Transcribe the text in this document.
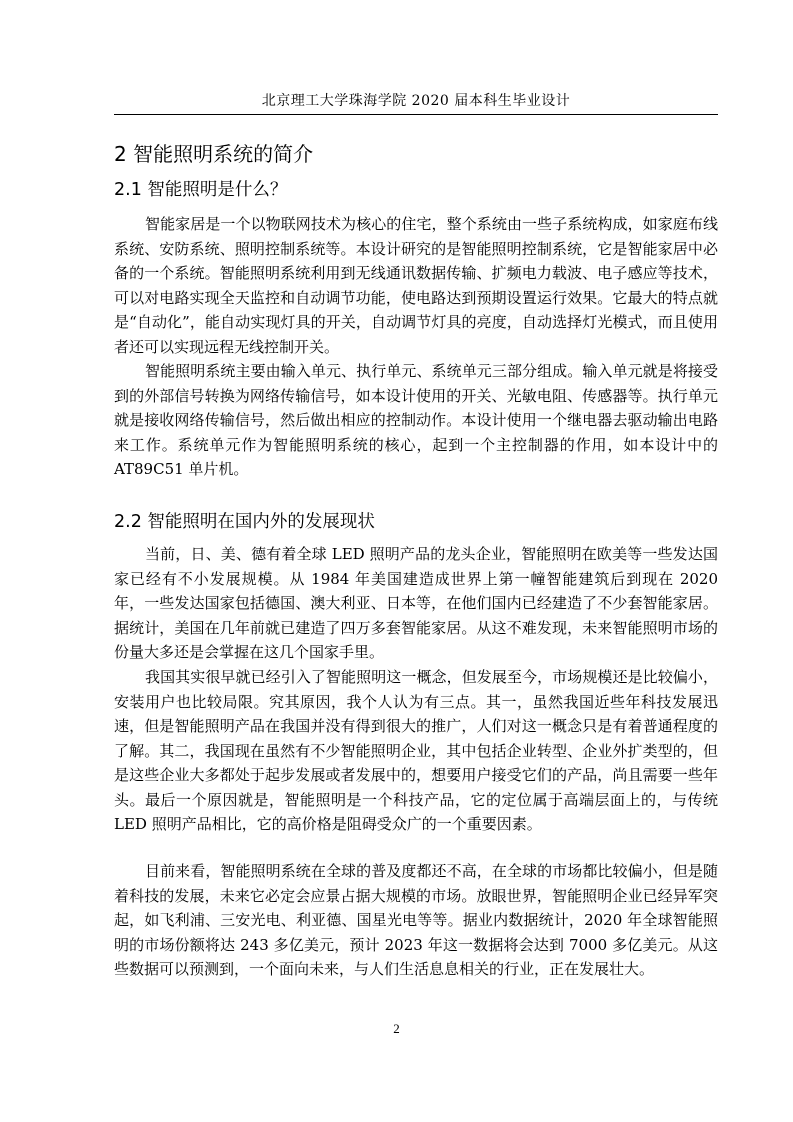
北京理工大学珠海学院 2020 届本科生毕业设计
2 智能照明系统的简介
2.1 智能照明是什么？

智能家居是一个以物联网技术为核心的住宅，整个系统由一些子系统构成，如家庭布线系统、安防系统、照明控制系统等。本设计研究的是智能照明控制系统，它是智能家居中必备的一个系统。智能照明系统利用到无线通讯数据传输、扩频电力载波、电子感应等技术，可以对电路实现全天监控和自动调节功能，使电路达到预期设置运行效果。它最大的特点就是“自动化”，能自动实现灯具的开关，自动调节灯具的亮度，自动选择灯光模式，而且使用者还可以实现远程无线控制开关。

智能照明系统主要由输入单元、执行单元、系统单元三部分组成。输入单元就是将接受到的外部信号转换为网络传输信号，如本设计使用的开关、光敏电阻、传感器等。执行单元就是接收网络传输信号，然后做出相应的控制动作。本设计使用一个继电器去驱动输出电路来工作。系统单元作为智能照明系统的核心，起到一个主控制器的作用，如本设计中的 AT89C51 单片机。

2.2 智能照明在国内外的发展现状

当前，日、美、德有着全球 LED 照明产品的龙头企业，智能照明在欧美等一些发达国家已经有不小发展规模。从 1984 年美国建造成世界上第一幢智能建筑后到现在 2020 年，一些发达国家包括德国、澳大利亚、日本等，在他们国内已经建造了不少套智能家居。据统计，美国在几年前就已建造了四万多套智能家居。从这不难发现，未来智能照明市场的份量大多还是会掌握在这几个国家手里。

我国其实很早就已经引入了智能照明这一概念，但发展至今，市场规模还是比较偏小，安装用户也比较局限。究其原因，我个人认为有三点。其一，虽然我国近些年科技发展迅速，但是智能照明产品在我国并没有得到很大的推广，人们对这一概念只是有着普通程度的了解。其二，我国现在虽然有不少智能照明企业，其中包括企业转型、企业外扩类型的，但是这些企业大多都处于起步发展或者发展中的，想要用户接受它们的产品，尚且需要一些年头。最后一个原因就是，智能照明是一个科技产品，它的定位属于高端层面上的，与传统 LED 照明产品相比，它的高价格是阻碍受众广的一个重要因素。

目前来看，智能照明系统在全球的普及度都还不高，在全球的市场都比较偏小，但是随着科技的发展，未来它必定会应景占据大规模的市场。放眼世界，智能照明企业已经异军突起，如飞利浦、三安光电、利亚德、国星光电等等。据业内数据统计，2020 年全球智能照明的市场份额将达 243 多亿美元，预计 2023 年这一数据将会达到 7000 多亿美元。从这些数据可以预测到，一个面向未来，与人们生活息息相关的行业，正在发展壮大。

2
